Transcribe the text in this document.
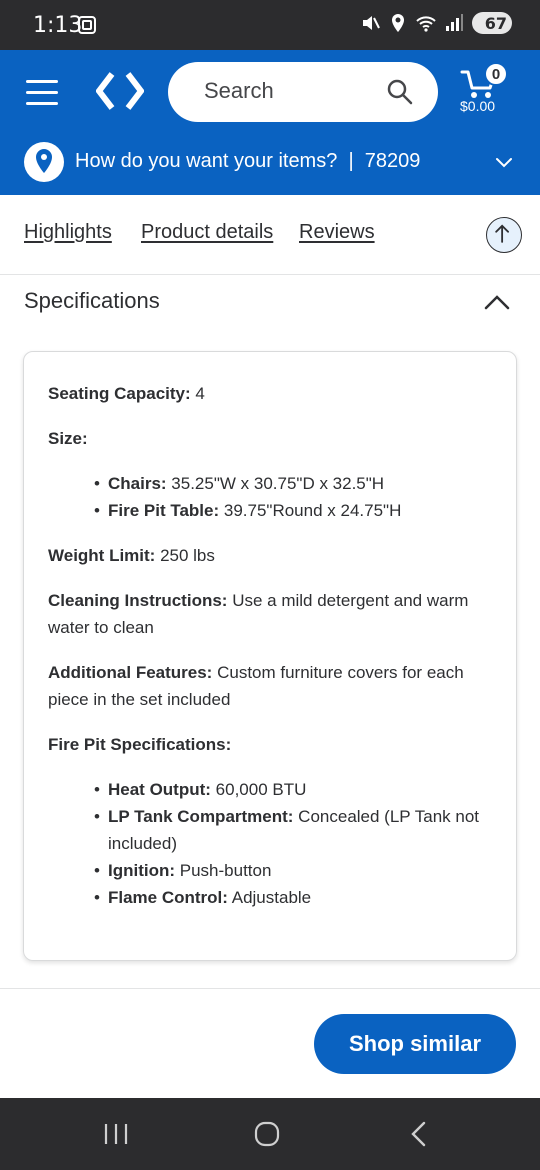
1:13	67
Search
0
$0.00
How do you want your items?  |  78209
Highlights Product details Reviews
Specifications

Seating Capacity: 4

Size:

• Chairs: 35.25"W x 30.75"D x 32.5"H
• Fire Pit Table: 39.75"Round x 24.75"H

Weight Limit: 250 lbs

Cleaning Instructions: Use a mild detergent and warm water to clean

Additional Features: Custom furniture covers for each piece in the set included

Fire Pit Specifications:

• Heat Output: 60,000 BTU
• LP Tank Compartment: Concealed (LP Tank not included)
• Ignition: Push-button
• Flame Control: Adjustable
Shop similar
